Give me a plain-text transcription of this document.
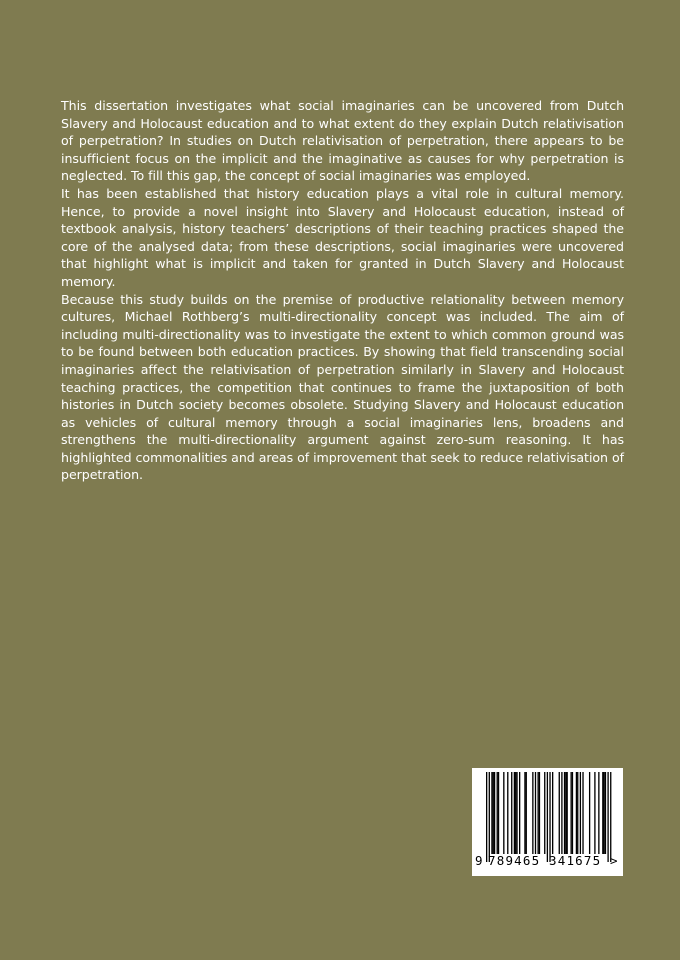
This dissertation investigates what social imaginaries can be uncovered from Dutch Slavery and Holocaust education and to what extent do they explain Dutch relativisation of perpetration? In studies on Dutch relativisation of perpetration, there appears to be insufficient focus on the implicit and the imaginative as causes for why perpetration is neglected. To fill this gap, the concept of social imaginaries was employed.

It has been established that history education plays a vital role in cultural memory. Hence, to provide a novel insight into Slavery and Holocaust education, instead of textbook analysis, history teachers’ descriptions of their teaching practices shaped the core of the analysed data; from these descriptions, social imaginaries were uncovered that highlight what is implicit and taken for granted in Dutch Slavery and Holocaust memory.

Because this study builds on the premise of productive relationality between memory cultures, Michael Rothberg’s multi-directionality concept was included. The aim of including multi-directionality was to investigate the extent to which common ground was to be found between both education practices. By showing that field transcending social imaginaries affect the relativisation of perpetration similarly in Slavery and Holocaust teaching practices, the competition that continues to frame the juxtaposition of both histories in Dutch society becomes obsolete. Studying Slavery and Holocaust education as vehicles of cultural memory through a social imaginaries lens, broadens and strengthens the multi-directionality argument against zero-sum reasoning. It has highlighted commonalities and areas of improvement that seek to reduce relativisation of perpetration.

9 789465 341675 >
